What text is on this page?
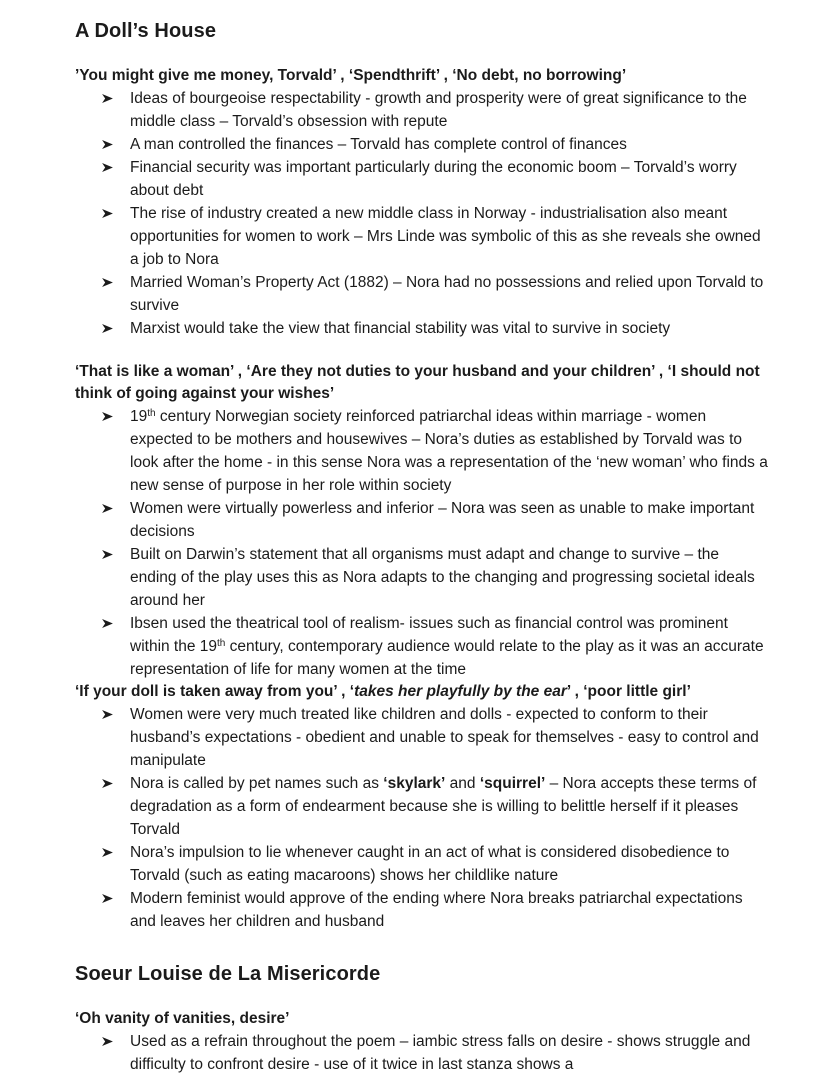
A Doll’s House

’You might give me money, Torvald’ , ‘Spendthrift’ , ‘No debt, no borrowing’

Ideas of bourgeoise respectability - growth and prosperity were of great significance to the middle class – Torvald’s obsession with repute
A man controlled the finances – Torvald has complete control of finances
Financial security was important particularly during the economic boom – Torvald’s worry about debt
The rise of industry created a new middle class in Norway - industrialisation also meant opportunities for women to work – Mrs Linde was symbolic of this as she reveals she owned a job to Nora
Married Woman’s Property Act (1882) – Nora had no possessions and relied upon Torvald to survive
Marxist would take the view that financial stability was vital to survive in society

‘That is like a woman’ , ‘Are they not duties to your husband and your children’ , ‘I should not think of going against your wishes’

19th century Norwegian society reinforced patriarchal ideas within marriage - women expected to be mothers and housewives – Nora’s duties as established by Torvald was to look after the home - in this sense Nora was a representation of the ‘new woman’ who finds a new sense of purpose in her role within society
Women were virtually powerless and inferior – Nora was seen as unable to make important decisions
Built on Darwin’s statement that all organisms must adapt and change to survive – the ending of the play uses this as Nora adapts to the changing and progressing societal ideals around her
Ibsen used the theatrical tool of realism- issues such as financial control was prominent within the 19th century, contemporary audience would relate to the play as it was an accurate representation of life for many women at the time

‘If your doll is taken away from you’ , ‘takes her playfully by the ear’ , ‘poor little girl’

Women were very much treated like children and dolls - expected to conform to their husband’s expectations - obedient and unable to speak for themselves - easy to control and manipulate
Nora is called by pet names such as ‘skylark’ and ‘squirrel’ – Nora accepts these terms of degradation as a form of endearment because she is willing to belittle herself if it pleases Torvald
Nora’s impulsion to lie whenever caught in an act of what is considered disobedience to Torvald (such as eating macaroons) shows her childlike nature
Modern feminist would approve of the ending where Nora breaks patriarchal expectations and leaves her children and husband
Soeur Louise de La Misericorde

‘Oh vanity of vanities, desire’

Used as a refrain throughout the poem – iambic stress falls on desire - shows struggle and difficulty to confront desire - use of it twice in last stanza shows a
